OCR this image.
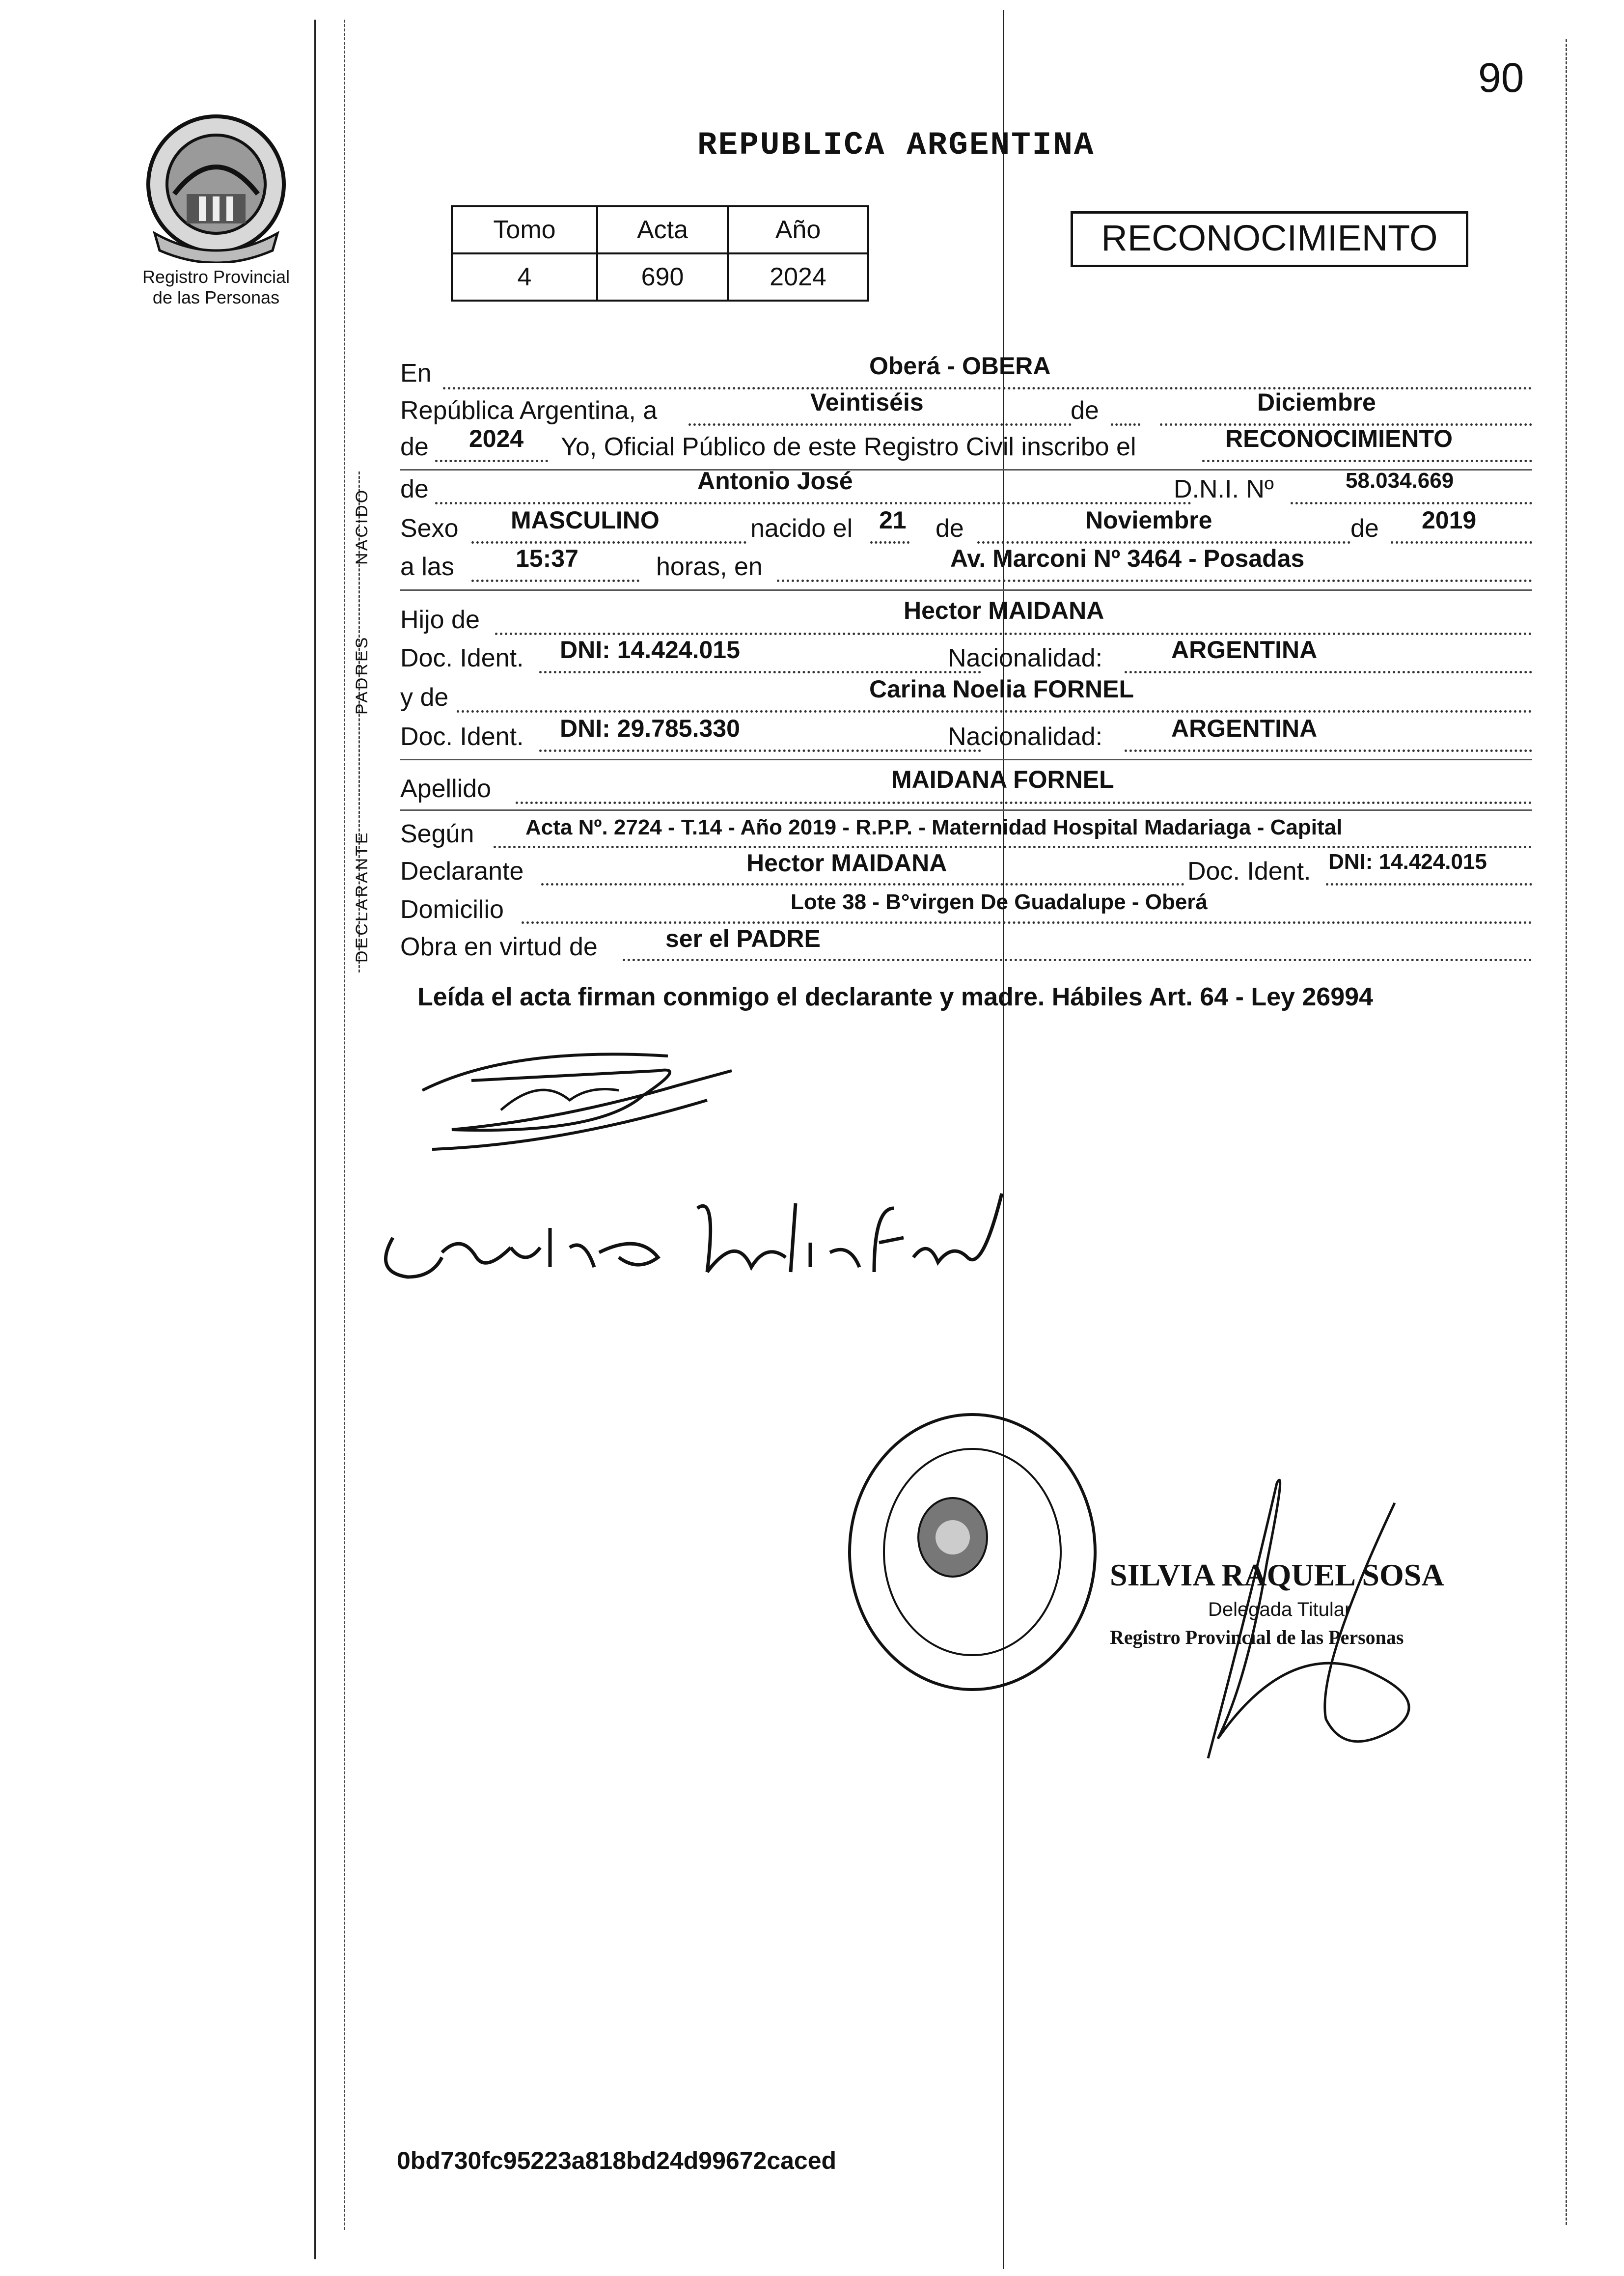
90
Registro Provincial
de las Personas
REPUBLICA ARGENTINA
Tomo	Acta	Año
4	690	2024
RECONOCIMIENTO
NACIDO
PADRES
DECLARANTE
En	Oberá - OBERA
República Argentina, a	Veintiséis	de	Diciembre
de 2024 Yo, Oficial Público de este Registro Civil inscribo el	RECONOCIMIENTO
de	Antonio José	D.N.I. Nº	58.034.669
Sexo MASCULINO	nacido el 21 de	Noviembre	de 2019
a las	15:37	horas, en	Av. Marconi Nº 3464 - Posadas
Hijo de	Hector MAIDANA
Doc. Ident. DNI: 14.424.015	Nacionalidad:	ARGENTINA
y de	Carina Noelia FORNEL
Doc. Ident. DNI: 29.785.330	Nacionalidad:	ARGENTINA
Apellido	MAIDANA FORNEL
Según Acta Nº. 2724 - T.14 - Año 2019 - R.P.P. - Maternidad Hospital Madariaga - Capital
Declarante	Hector MAIDANA	Doc. Ident. DNI: 14.424.015
Domicilio	Lote 38 - B°virgen De Guadalupe - Oberá
Obra en virtud de	ser el PADRE
Leída el acta firman conmigo el declarante y madre. Hábiles Art. 64 - Ley 26994
SILVIA RAQUEL SOSA
Delegada Titular
Registro Provincial de las Personas
0bd730fc95223a818bd24d99672caced
